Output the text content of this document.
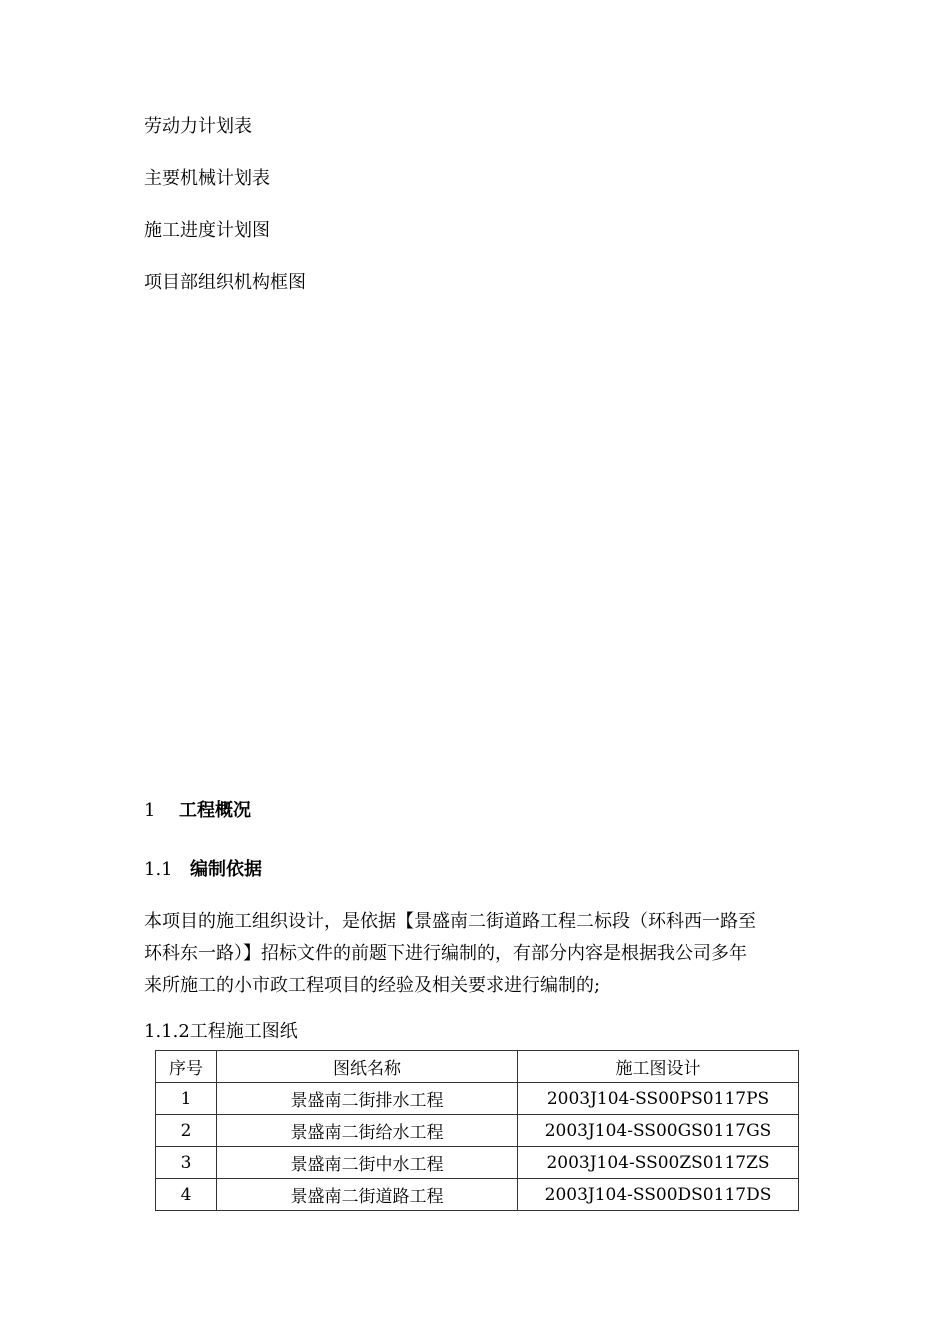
劳动力计划表
主要机械计划表
施工进度计划图
项目部组织机构框图
1 工程概况
1.1 编制依据
本项目的施工组织设计，是依据【景盛南二街道路工程二标段（环科西一路至
环科东一路）】招标文件的前题下进行编制的，有部分内容是根据我公司多年
来所施工的小市政工程项目的经验及相关要求进行编制的;
1.1.2工程施工图纸
序号	图纸名称	施工图设计
1	景盛南二街排水工程	2003J104-SS00PS0117PS
2	景盛南二街给水工程	2003J104-SS00GS0117GS
3	景盛南二街中水工程	2003J104-SS00ZS0117ZS
4	景盛南二街道路工程	2003J104-SS00DS0117DS
